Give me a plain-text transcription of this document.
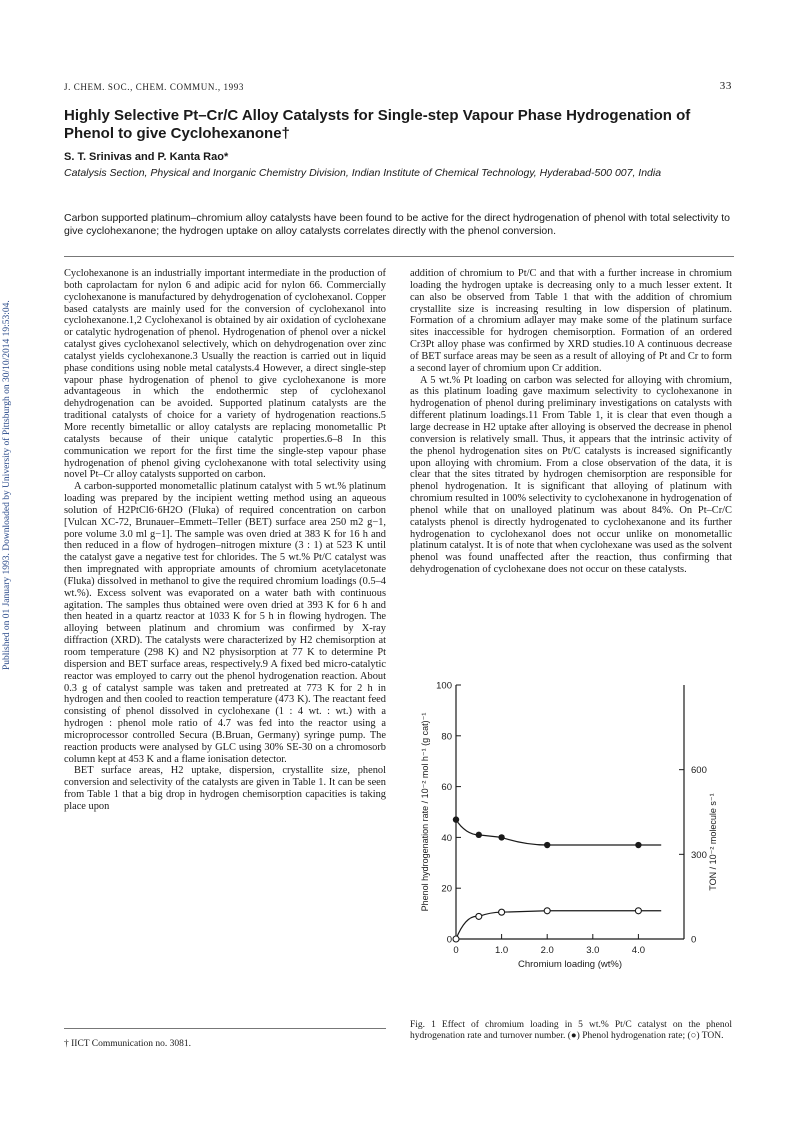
Published on 01 January 1993. Downloaded by University of Pittsburgh on 30/10/2014 19:53:04.
J. CHEM. SOC., CHEM. COMMUN., 1993	33
Highly Selective Pt–Cr/C Alloy Catalysts for Single-step Vapour Phase Hydrogenation of Phenol to give Cyclohexanone†

S. T. Srinivas and P. Kanta Rao*

Catalysis Section, Physical and Inorganic Chemistry Division, Indian Institute of Chemical Technology, Hyderabad-500 007, India

Carbon supported platinum–chromium alloy catalysts have been found to be active for the direct hydrogenation of phenol with total selectivity to give cyclohexanone; the hydrogen uptake on alloy catalysts correlates directly with the phenol conversion.

Cyclohexanone is an industrially important intermediate in the production of both caprolactam for nylon 6 and adipic acid for nylon 66. Commercially cyclohexanone is manufactured by dehydrogenation of cyclohexanol. Copper based catalysts are mainly used for the conversion of cyclohexanol into cyclohexanone.1,2 Cyclohexanol is obtained by air oxidation of cyclohexane or catalytic hydrogenation of phenol. Hydrogenation of phenol over a nickel catalyst gives cyclohexanol selectively, which on dehydrogenation over zinc catalyst yields cyclohexanone.3 Usually the reaction is carried out in liquid phase conditions using noble metal catalysts.4 However, a direct single-step vapour phase hydrogenation of phenol to give cyclohexanone is more advantageous in which the endothermic step of cyclohexanol dehydrogenation can be avoided. Supported platinum catalysts are the traditional catalysts of choice for a variety of hydrogenation reactions.5 More recently bimetallic or alloy catalysts are replacing monometallic Pt catalysts because of their unique catalytic properties.6–8 In this communication we report for the first time the single-step vapour phase hydrogenation of phenol giving cyclohexanone with total selectivity using novel Pt–Cr alloy catalysts supported on carbon.

A carbon-supported monometallic platinum catalyst with 5 wt.% platinum loading was prepared by the incipient wetting method using an aqueous solution of H2PtCl6·6H2O (Fluka) of required concentration on carbon [Vulcan XC-72, Brunauer–Emmett–Teller (BET) surface area 250 m2 g−1, pore volume 3.0 ml g−1]. The sample was oven dried at 383 K for 16 h and then reduced in a flow of hydrogen–nitrogen mixture (3 : 1) at 523 K until the catalyst gave a negative test for chlorides. The 5 wt.% Pt/C catalyst was then impregnated with appropriate amounts of chromium acetylacetonate (Fluka) dissolved in methanol to give the required chromium loadings (0.5–4 wt.%). Excess solvent was evaporated on a water bath with continuous agitation. The samples thus obtained were oven dried at 393 K for 6 h and then heated in a quartz reactor at 1033 K for 5 h in flowing hydrogen. The alloying between platinum and chromium was confirmed by X-ray diffraction (XRD). The catalysts were characterized by H2 chemisorption at room temperature (298 K) and N2 physisorption at 77 K to determine Pt dispersion and BET surface areas, respectively.9 A fixed bed micro-catalytic reactor was employed to carry out the phenol hydrogenation reaction. About 0.3 g of catalyst sample was taken and pretreated at 773 K for 2 h in hydrogen and then cooled to reaction temperature (473 K). The reactant feed consisting of phenol dissolved in cyclohexane (1 : 4 wt. : wt.) with a hydrogen : phenol mole ratio of 4.7 was fed into the reactor using a microprocessor controlled Secura (B.Bruan, Germany) syringe pump. The reaction products were analysed by GLC using 30% SE-30 on a chromosorb column kept at 453 K and a flame ionisation detector.

BET surface areas, H2 uptake, dispersion, crystallite size, phenol conversion and selectivity of the catalysts are given in Table 1. It can be seen from Table 1 that a big drop in hydrogen chemisorption capacities is taking place upon

addition of chromium to Pt/C and that with a further increase in chromium loading the hydrogen uptake is decreasing only to a much lesser extent. It can also be observed from Table 1 that with the addition of chromium crystallite size is increasing resulting in low dispersion of platinum. Formation of a chromium adlayer may make some of the platinum surface sites inaccessible for hydrogen chemisorption. Formation of an ordered Cr3Pt alloy phase was confirmed by XRD studies.10 A continuous decrease of BET surface areas may be seen as a result of alloying of Pt and Cr to form a second layer of chromium upon Cr addition.

A 5 wt.% Pt loading on carbon was selected for alloying with chromium, as this platinum loading gave maximum selectivity to cyclohexanone in hydrogenation of phenol during preliminary investigations on catalysts with different platinum loadings.11 From Table 1, it is clear that even though a large decrease in H2 uptake after alloying is observed the decrease in phenol conversion is relatively small. Thus, it appears that the intrinsic activity of the phenol hydrogenation sites on Pt/C catalysts is increased significantly upon alloying with chromium. From a close observation of the data, it is clear that the sites titrated by hydrogen chemisorption are responsible for phenol hydrogenation. It is significant that alloying of platinum with chromium resulted in 100% selectivity to cyclohexanone in hydrogenation of phenol while that on unalloyed platinum was about 84%. On Pt–Cr/C catalysts phenol is directly hydrogenated to cyclohexanone and its further hydrogenation to cyclohexanol does not occur unlike on monometallic platinum catalyst. It is of note that when cyclohexane was used as the solvent phenol was found unaffected after the reaction, thus confirming that dehydrogenation of cyclohexane does not occur on these catalysts.

† IICT Communication no. 3081.
0	1.0	2.0	3.0	4.0
0
20
40
60
80
100
0
300
600
Chromium loading (wt%)
Phenol hydrogenation rate / 10⁻² mol h⁻¹ (g cat)⁻¹	TON / 10⁻² molecule s⁻¹

Fig. 1 Effect of chromium loading in 5 wt.% Pt/C catalyst on the phenol hydrogenation rate and turnover number. (●) Phenol hydrogenation rate; (○) TON.
